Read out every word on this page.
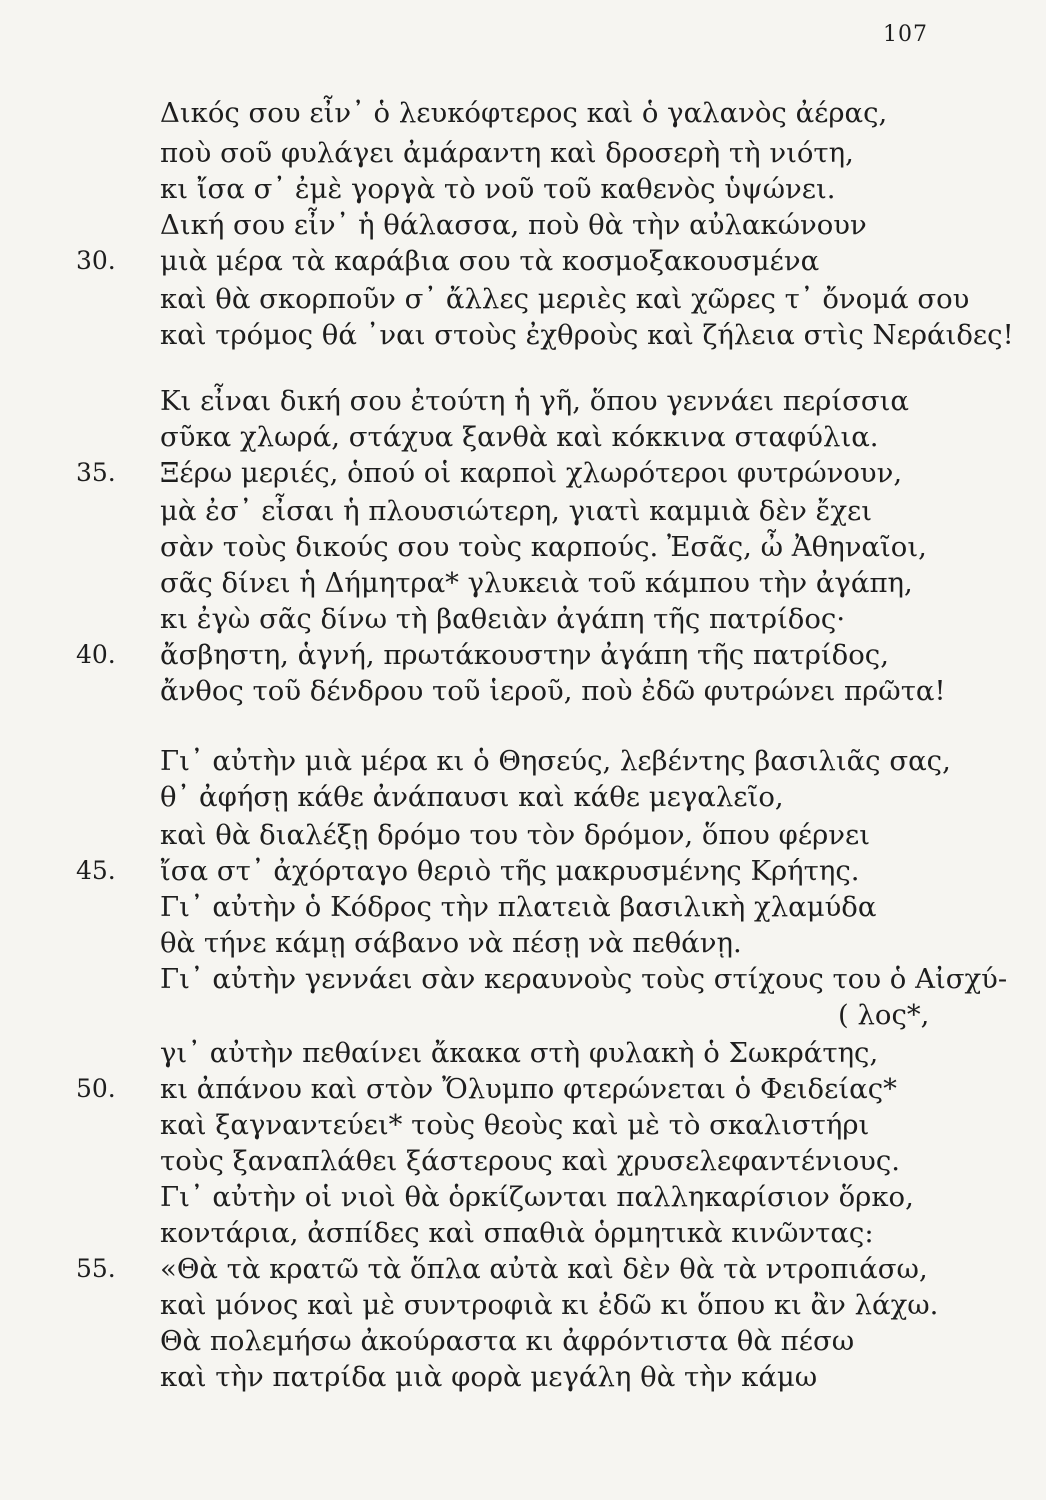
107
Δικός σου εἶν᾽ ὁ λευκόφτερος καὶ ὁ γαλανὸς ἀέρας,
ποὺ σοῦ φυλάγει ἀμάραντη καὶ δροσερὴ τὴ νιότη,
κι ἴσα σ᾽ ἐμὲ γοργὰ τὸ νοῦ τοῦ καθενὸς ὑψώνει.
Δική σου εἶν᾽ ἡ θάλασσα, ποὺ θὰ τὴν αὐλακώνουν
30.	μιὰ μέρα τὰ καράβια σου τὰ κοσμοξακουσμένα
καὶ θὰ σκορποῦν σ᾽ ἄλλες μεριὲς καὶ χῶρες τ᾽ ὄνομά σου
καὶ τρόμος θά ᾽ναι στοὺς ἐχθροὺς καὶ ζήλεια στὶς Νεράιδες!
Κι εἶναι δική σου ἐτούτη ἡ γῆ, ὅπου γεννάει περίσσια
σῦκα χλωρά, στάχυα ξανθὰ καὶ κόκκινα σταφύλια.
35.	Ξέρω μεριές, ὁπού οἱ καρποὶ χλωρότεροι φυτρώνουν,
μὰ ἐσ᾽ εἶσαι ἡ πλουσιώτερη, γιατὶ καμμιὰ δὲν ἔχει
σὰν τοὺς δικούς σου τοὺς καρπούς. Ἐσᾶς, ὦ Ἀθηναῖοι,
σᾶς δίνει ἡ Δήμητρα* γλυκειὰ τοῦ κάμπου τὴν ἀγάπη,
κι ἐγὼ σᾶς δίνω τὴ βαθειὰν ἀγάπη τῆς πατρίδος·
40.	ἄσβηστη, ἁγνή, πρωτάκουστην ἀγάπη τῆς πατρίδος,
ἄνθος τοῦ δένδρου τοῦ ἱεροῦ, ποὺ ἐδῶ φυτρώνει πρῶτα!
Γι᾽ αὐτὴν μιὰ μέρα κι ὁ Θησεύς, λεβέντης βασιλιᾶς σας,
θ᾽ ἀφήσῃ κάθε ἀνάπαυσι καὶ κάθε μεγαλεῖο,
καὶ θὰ διαλέξῃ δρόμο του τὸν δρόμον, ὅπου φέρνει
45.	ἴσα στ᾽ ἀχόρταγο θεριὸ τῆς μακρυσμένης Κρήτης.
Γι᾽ αὐτὴν ὁ Κόδρος τὴν πλατειὰ βασιλικὴ χλαμύδα
θὰ τήνε κάμῃ σάβανο νὰ πέσῃ νὰ πεθάνῃ.
Γι᾽ αὐτὴν γεννάει σὰν κεραυνοὺς τοὺς στίχους του ὁ Αἰσχύ-
( λος*,
γι᾽ αὐτὴν πεθαίνει ἄκακα στὴ φυλακὴ ὁ Σωκράτης,
50.	κι ἀπάνου καὶ στὸν Ὄλυμπο φτερώνεται ὁ Φειδείας*
καὶ ξαγναντεύει* τοὺς θεοὺς καὶ μὲ τὸ σκαλιστήρι
τοὺς ξαναπλάθει ξάστερους καὶ χρυσελεφαντένιους.
Γι᾽ αὐτὴν οἱ νιοὶ θὰ ὁρκίζωνται παλληκαρίσιον ὅρκο,
κοντάρια, ἀσπίδες καὶ σπαθιὰ ὁρμητικὰ κινῶντας:
55.	«Θὰ τὰ κρατῶ τὰ ὅπλα αὐτὰ καὶ δὲν θὰ τὰ ντροπιάσω,
καὶ μόνος καὶ μὲ συντροφιὰ κι ἐδῶ κι ὅπου κι ἂν λάχω.
Θὰ πολεμήσω ἀκούραστα κι ἀφρόντιστα θὰ πέσω
καὶ τὴν πατρίδα μιὰ φορὰ μεγάλη θὰ τὴν κάμω
